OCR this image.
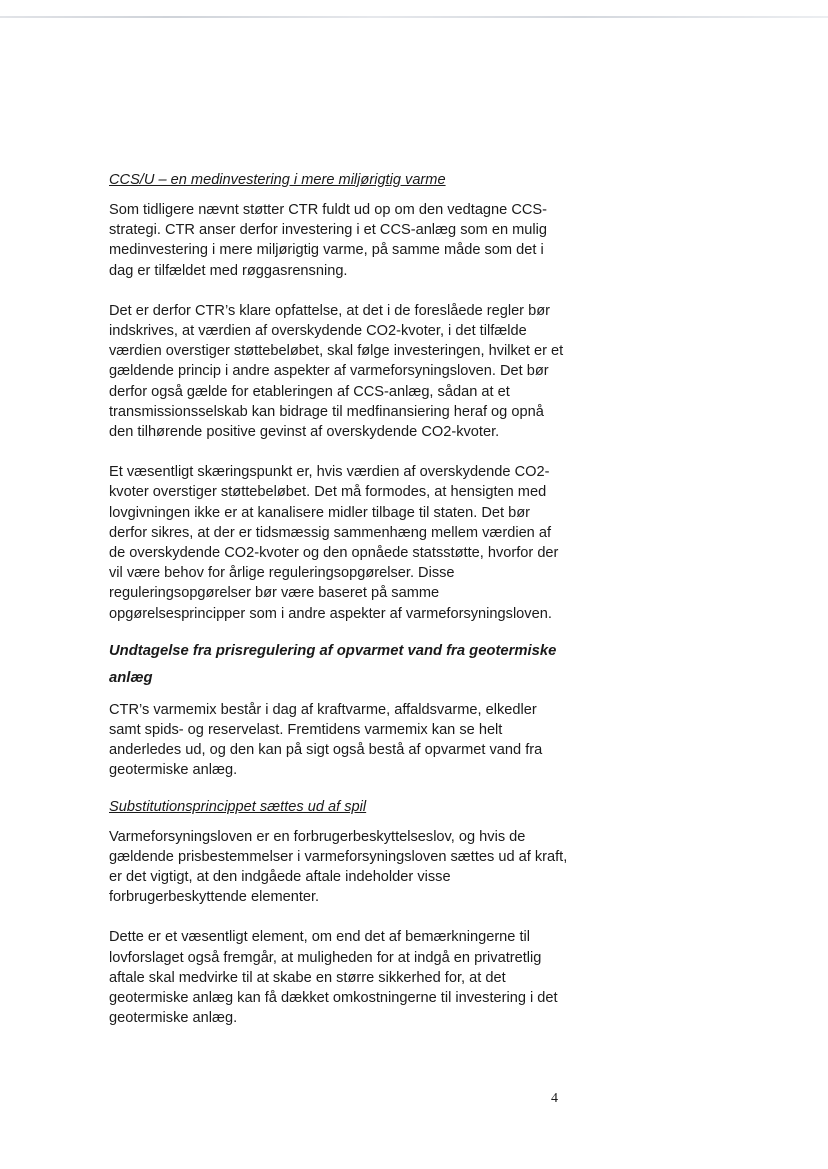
CCS/U – en medinvestering i mere miljørigtig varme

Som tidligere nævnt støtter CTR fuldt ud op om den vedtagne CCS-strategi. CTR anser derfor investering i et CCS-anlæg som en mulig medinvestering i mere miljørigtig varme, på samme måde som det i dag er tilfældet med røggasrensning.

Det er derfor CTR’s klare opfattelse, at det i de foreslåede regler bør indskrives, at værdien af overskydende CO2-kvoter, i det tilfælde værdien overstiger støttebeløbet, skal følge investeringen, hvilket er et gældende princip i andre aspekter af varmeforsyningsloven. Det bør derfor også gælde for etableringen af CCS-anlæg, sådan at et transmissionsselskab kan bidrage til medfinansiering heraf og opnå den tilhørende positive gevinst af overskydende CO2-kvoter.

Et væsentligt skæringspunkt er, hvis værdien af overskydende CO2-kvoter overstiger støttebeløbet. Det må formodes, at hensigten med lovgivningen ikke er at kanalisere midler tilbage til staten. Det bør derfor sikres, at der er tidsmæssig sammenhæng mellem værdien af de overskydende CO2-kvoter og den opnåede statsstøtte, hvorfor der vil være behov for årlige reguleringsopgørelser. Disse reguleringsopgørelser bør være baseret på samme opgørelsesprincipper som i andre aspekter af varmeforsyningsloven.

Undtagelse fra prisregulering af opvarmet vand fra geotermiske anlæg

CTR’s varmemix består i dag af kraftvarme, affaldsvarme, elkedler samt spids- og reservelast. Fremtidens varmemix kan se helt anderledes ud, og den kan på sigt også bestå af opvarmet vand fra geotermiske anlæg.

Substitutionsprincippet sættes ud af spil

Varmeforsyningsloven er en forbrugerbeskyttelseslov, og hvis de gældende prisbestemmelser i varmeforsyningsloven sættes ud af kraft, er det vigtigt, at den indgåede aftale indeholder visse forbrugerbeskyttende elementer.

Dette er et væsentligt element, om end det af bemærkningerne til lovforslaget også fremgår, at muligheden for at indgå en privatretlig aftale skal medvirke til at skabe en større sikkerhed for, at det geotermiske anlæg kan få dækket omkostningerne til investering i det geotermiske anlæg.

4
